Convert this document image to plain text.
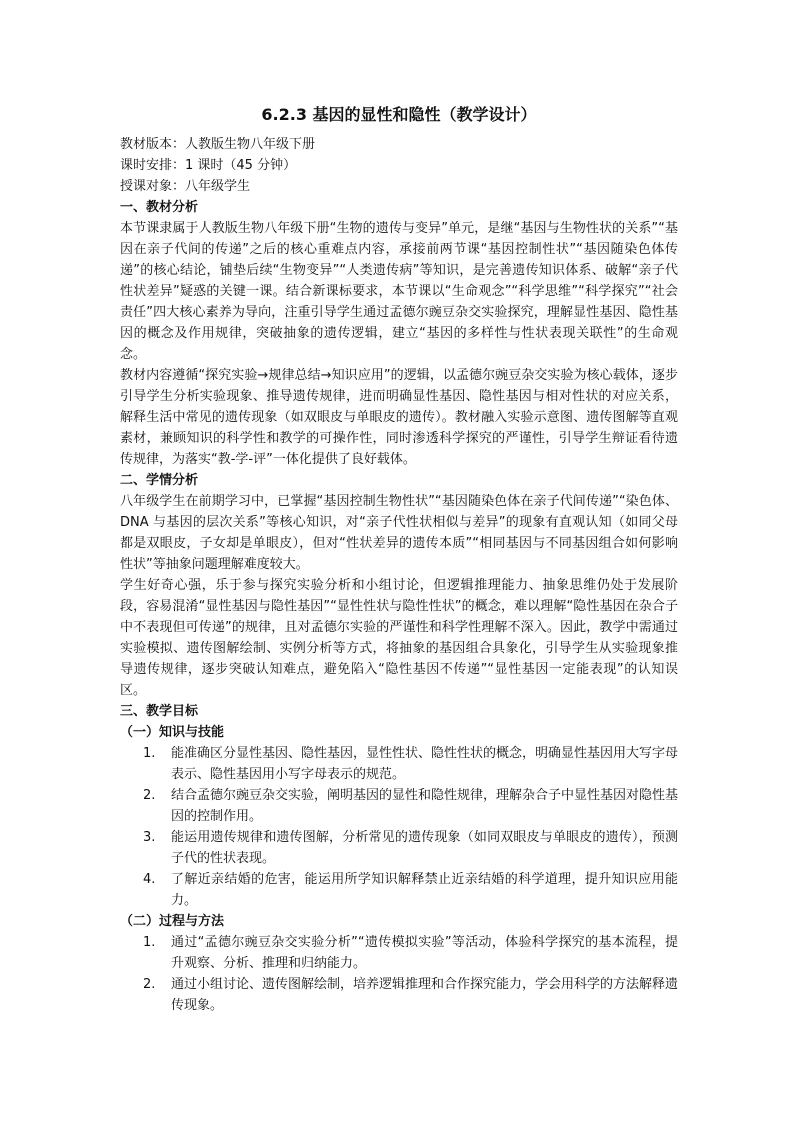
6.2.3 基因的显性和隐性（教学设计）

教材版本：人教版生物八年级下册

课时安排：1 课时（45 分钟）

授课对象：八年级学生

一、教材分析

本节课隶属于人教版生物八年级下册“生物的遗传与变异”单元，是继“基因与生物性状的关系”“基因在亲子代间的传递”之后的核心重难点内容，承接前两节课“基因控制性状”“基因随染色体传递”的核心结论，铺垫后续“生物变异”“人类遗传病”等知识，是完善遗传知识体系、破解“亲子代性状差异”疑惑的关键一课。结合新课标要求，本节课以“生命观念”“科学思维”“科学探究”“社会责任”四大核心素养为导向，注重引导学生通过孟德尔豌豆杂交实验探究，理解显性基因、隐性基因的概念及作用规律，突破抽象的遗传逻辑，建立“基因的多样性与性状表现关联性”的生命观念。

教材内容遵循“探究实验→规律总结→知识应用”的逻辑，以孟德尔豌豆杂交实验为核心载体，逐步引导学生分析实验现象、推导遗传规律，进而明确显性基因、隐性基因与相对性状的对应关系，解释生活中常见的遗传现象（如双眼皮与单眼皮的遗传）。教材融入实验示意图、遗传图解等直观素材，兼顾知识的科学性和教学的可操作性，同时渗透科学探究的严谨性，引导学生辩证看待遗传规律，为落实“教-学-评”一体化提供了良好载体。

二、学情分析

八年级学生在前期学习中，已掌握“基因控制生物性状”“基因随染色体在亲子代间传递”“染色体、DNA 与基因的层次关系”等核心知识，对“亲子代性状相似与差异”的现象有直观认知（如同父母都是双眼皮，子女却是单眼皮），但对“性状差异的遗传本质”“相同基因与不同基因组合如何影响性状”等抽象问题理解难度较大。

学生好奇心强，乐于参与探究实验分析和小组讨论，但逻辑推理能力、抽象思维仍处于发展阶段，容易混淆“显性基因与隐性基因”“显性性状与隐性性状”的概念，难以理解“隐性基因在杂合子中不表现但可传递”的规律，且对孟德尔实验的严谨性和科学性理解不深入。因此，教学中需通过实验模拟、遗传图解绘制、实例分析等方式，将抽象的基因组合具象化，引导学生从实验现象推导遗传规律，逐步突破认知难点，避免陷入“隐性基因不传递”“显性基因一定能表现”的认知误区。

三、教学目标

（一）知识与技能

1. 能准确区分显性基因、隐性基因，显性性状、隐性性状的概念，明确显性基因用大写字母表示、隐性基因用小写字母表示的规范。
2. 结合孟德尔豌豆杂交实验，阐明基因的显性和隐性规律，理解杂合子中显性基因对隐性基因的控制作用。
3. 能运用遗传规律和遗传图解，分析常见的遗传现象（如同双眼皮与单眼皮的遗传），预测子代的性状表现。
4. 了解近亲结婚的危害，能运用所学知识解释禁止近亲结婚的科学道理，提升知识应用能力。

（二）过程与方法

1. 通过“孟德尔豌豆杂交实验分析”“遗传模拟实验”等活动，体验科学探究的基本流程，提升观察、分析、推理和归纳能力。
2. 通过小组讨论、遗传图解绘制，培养逻辑推理和合作探究能力，学会用科学的方法解释遗传现象。
